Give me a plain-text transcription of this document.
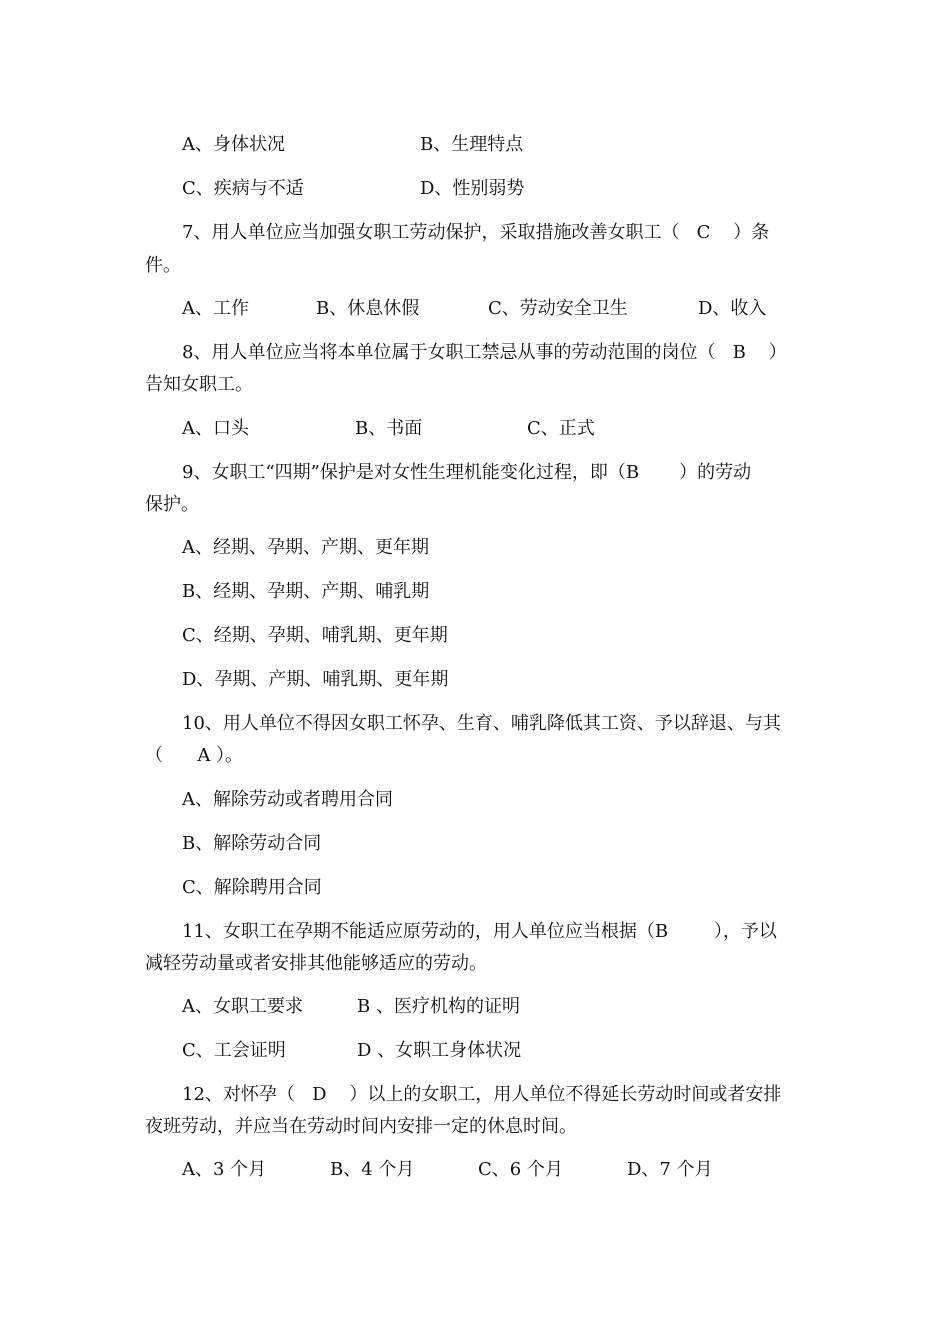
A、身体状况	B、生理特点
C、疾病与不适	D、性别弱势
7、用人单位应当加强女职工劳动保护，采取措施改善女职工（   C    ）条
件。
A、工作	B、休息休假	C、劳动安全卫生	D、收入
8、用人单位应当将本单位属于女职工禁忌从事的劳动范围的岗位（   B    ）
告知女职工。
A、口头	B、书面	C、正式
9、女职工“四期”保护是对女性生理机能变化过程，即（B       ）的劳动
保护。
A、经期、孕期、产期、更年期
B、经期、孕期、产期、哺乳期
C、经期、孕期、哺乳期、更年期
D、孕期、产期、哺乳期、更年期
10、用人单位不得因女职工怀孕、生育、哺乳降低其工资、予以辞退、与其
（      A ）。
A、解除劳动或者聘用合同
B、解除劳动合同
C、解除聘用合同
11、女职工在孕期不能适应原劳动的，用人单位应当根据（B        ），予以
减轻劳动量或者安排其他能够适应的劳动。
A、女职工要求	B 、医疗机构的证明
C、工会证明	D 、女职工身体状况
12、对怀孕（   D    ）以上的女职工，用人单位不得延长劳动时间或者安排
夜班劳动，并应当在劳动时间内安排一定的休息时间。
A、3 个月	B、4 个月	C、6 个月	D、7 个月
